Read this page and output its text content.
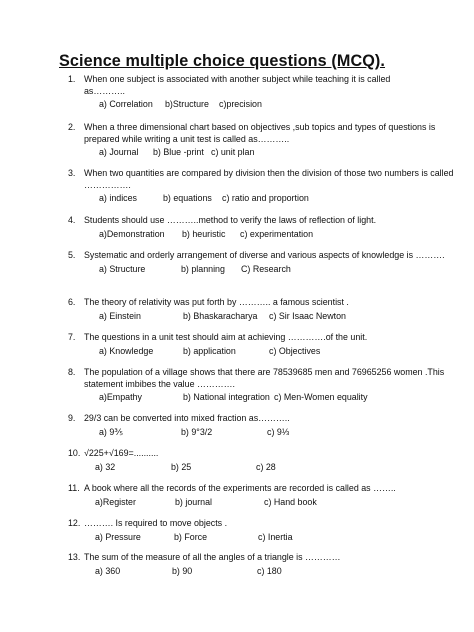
Science multiple choice questions (MCQ).
1. When one subject is associated with another subject while teaching it is called as………..
a) Correlation b)Structure c)precision
2. When a three dimensional chart based on objectives ,sub topics and types of questions is prepared while writing a unit test is called as………..
a) Journal b) Blue -print c) unit plan
3. When two quantities are compared by division then the division of those two numbers is called …………….
a) indices	b) equations c) ratio and proportion
4. Students should use ………..method to verify the laws of reflection of light.
a)Demonstration b) heuristic c) experimentation
5. Systematic and orderly arrangement of diverse and various aspects of knowledge is ……….
a) Structure	b) planning C) Research
6. The theory of relativity was put forth by ……….. a famous scientist .
a) Einstein	b) Bhaskaracharya c) Sir Isaac Newton
7. The questions in a unit test should aim at achieving ………….of the unit.
a) Knowledge	b) application	c) Objectives
8. The population of a village shows that there are 78539685 men and 76965256 women .This statement imbibes the value ………….
a)Empathy	b) National integration c) Men-Women equality
9. 29/3 can be converted into mixed fraction as………..
a) 9⅗	b) 9°3/2	c) 9⅓
10. √225+√169=..........
a) 32	b) 25	c) 28
11. A book where all the records of the experiments are recorded is called as ……..
a)Register	b) journal	c) Hand book
12. ………. Is required to move objects .
a) Pressure	b) Force	c) Inertia
13. The sum of the measure of all the angles of a triangle is …………
a) 360	b) 90	c) 180
